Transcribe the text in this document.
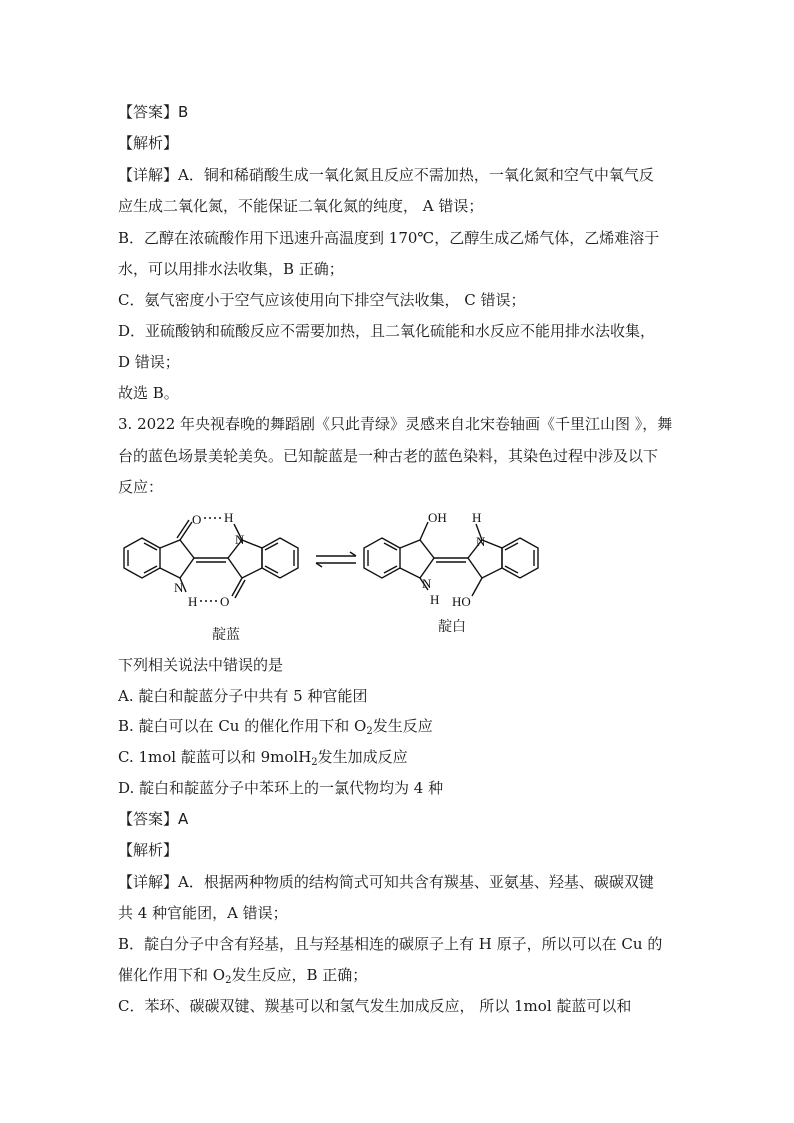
【答案】B
【解析】
【详解】A．铜和稀硝酸生成一氧化氮且反应不需加热，一氧化氮和空气中氧气反
应生成二氧化氮，不能保证二氧化氮的纯度， A 错误；
B．乙醇在浓硫酸作用下迅速升高温度到 170℃，乙醇生成乙烯气体，乙烯难溶于
水，可以用排水法收集，B 正确；
C．氨气密度小于空气应该使用向下排空气法收集， C 错误；
D．亚硫酸钠和硫酸反应不需要加热，且二氧化硫能和水反应不能用排水法收集，
D 错误；
故选 B。
3. 2022 年央视春晚的舞蹈剧《只此青绿》灵感来自北宋卷轴画《千里江山图 》，舞
台的蓝色场景美轮美奂。已知靛蓝是一种古老的蓝色染料，其染色过程中涉及以下
反应：
O H
N
N
H O
OH H
N
N
H HO
靛蓝	靛白
下列相关说法中错误的是
A. 靛白和靛蓝分子中共有 5 种官能团
B. 靛白可以在 Cu 的催化作用下和 $O_2$发生反应
C. 1mol 靛蓝可以和 9molH$_2$发生加成反应
D. 靛白和靛蓝分子中苯环上的一氯代物均为 4 种
【答案】A
【解析】
【详解】A．根据两种物质的结构简式可知共含有羰基、亚氨基、羟基、碳碳双键
共 4 种官能团，A 错误；
B．靛白分子中含有羟基，且与羟基相连的碳原子上有 H 原子，所以可以在 Cu 的
催化作用下和 $O_2$发生反应，B 正确；
C．苯环、碳碳双键、羰基可以和氢气发生加成反应， 所以 1mol 靛蓝可以和
